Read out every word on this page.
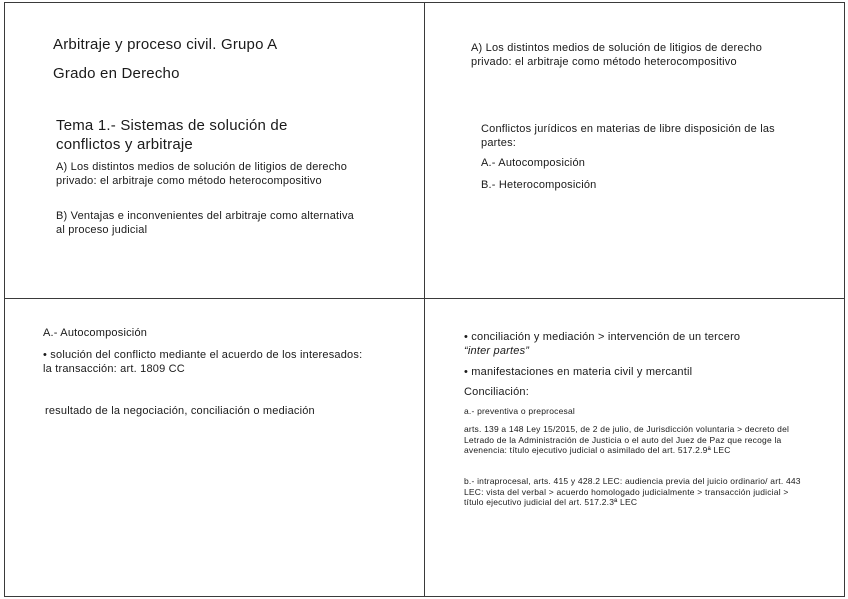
Arbitraje y proceso civil. Grupo A

Grado en Derecho

Tema 1.- Sistemas de solución de conflictos y arbitraje

A) Los distintos medios de solución de litigios de derecho privado: el arbitraje como método heterocompositivo

B) Ventajas e inconvenientes del arbitraje como alternativa al proceso judicial

A) Los distintos medios de solución de litigios de derecho privado: el arbitraje como método heterocompositivo

Conflictos jurídicos en materias de libre disposición de las partes:

A.- Autocomposición

B.- Heterocomposición

A.- Autocomposición

• solución del conflicto mediante el acuerdo de los interesados: la transacción: art. 1809 CC

resultado de la negociación, conciliación o mediación

• conciliación y mediación > intervención de un tercero

“inter partes”

• manifestaciones en materia civil y mercantil

Conciliación:

a.- preventiva o preprocesal

arts. 139 a 148 Ley 15/2015, de 2 de julio, de Jurisdicción voluntaria > decreto del Letrado de la Administración de Justicia o el auto del Juez de Paz que recoge la avenencia: título ejecutivo judicial o asimilado del art. 517.2.9ª LEC

b.- intraprocesal, arts. 415 y 428.2 LEC: audiencia previa del juicio ordinario/ art. 443 LEC: vista del verbal > acuerdo homologado judicialmente > transacción judicial > título ejecutivo judicial del art. 517.2.3ª LEC
